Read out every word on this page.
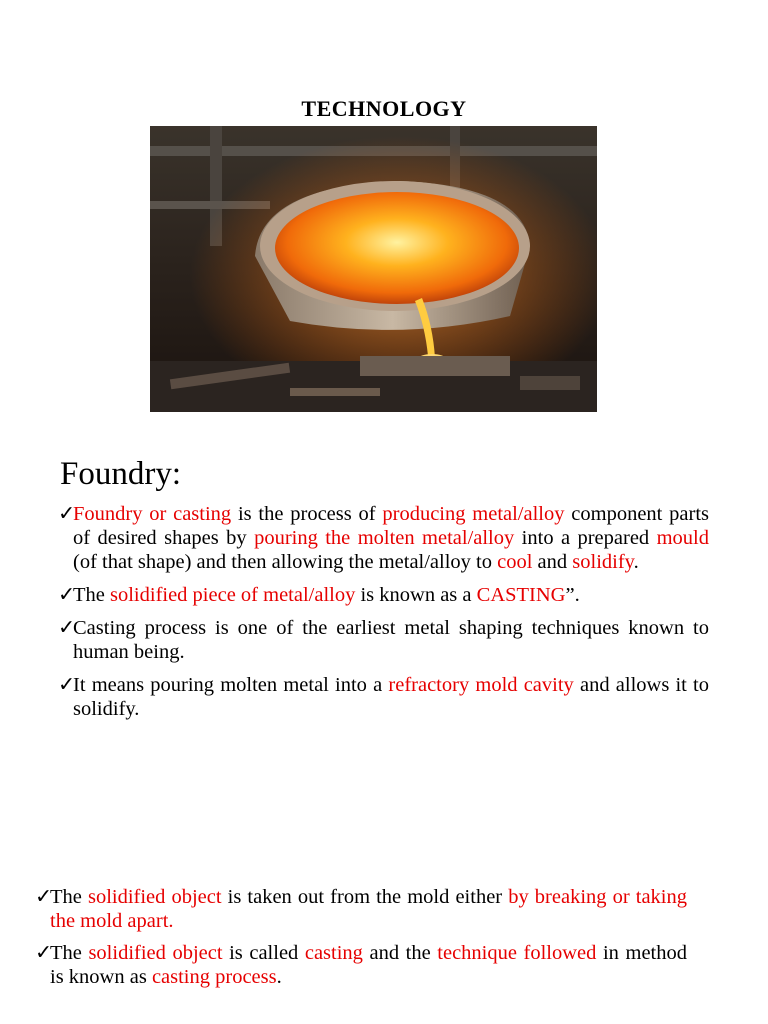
TECHNOLOGY
Foundry:
✓
Foundry or casting is the process of producing metal/alloy component parts of desired shapes by pouring the molten metal/alloy into a prepared mould (of that shape) and then allowing the metal/alloy to cool and solidify.
✓
The solidified piece of metal/alloy is known as a CASTING”.
✓
Casting process is one of the earliest metal shaping techniques known to human being.
✓
It means pouring molten metal into a refractory mold cavity and allows it to solidify.
✓
The solidified object is taken out from the mold either by breaking or taking the mold apart.
✓
The solidified object is called casting and the technique followed in method is known as casting process.
